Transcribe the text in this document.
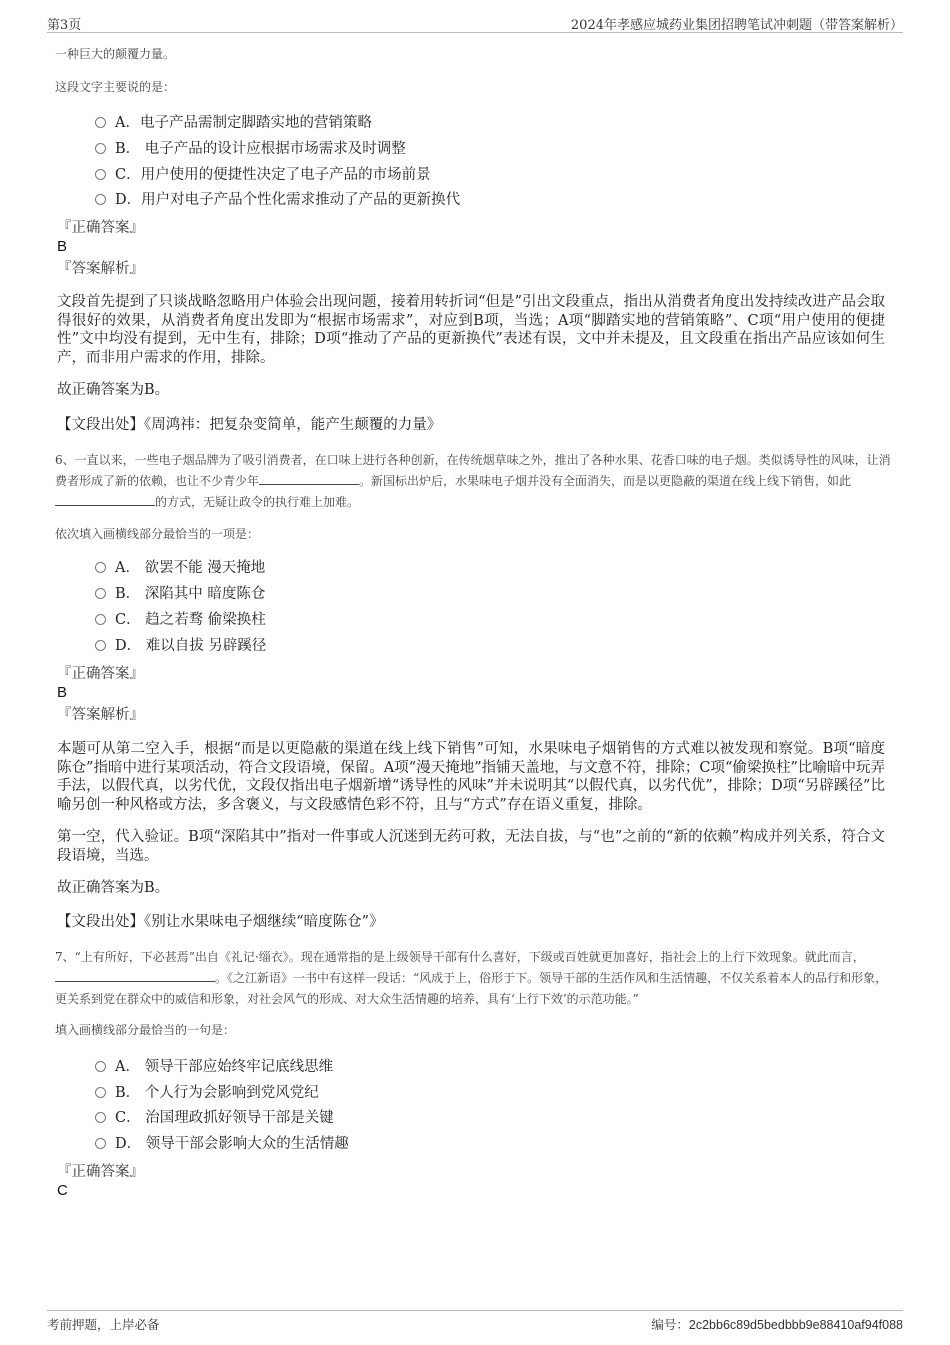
第3页	2024年孝感应城药业集团招聘笔试冲刺题（带答案解析）

一种巨大的颠覆力量。

这段文字主要说的是：

A．电子产品需制定脚踏实地的营销策略
B． 电子产品的设计应根据市场需求及时调整
C．用户使用的便捷性决定了电子产品的市场前景
D．用户对电子产品个性化需求推动了产品的更新换代
『正确答案』
B
『答案解析』

文段首先提到了只谈战略忽略用户体验会出现问题，接着用转折词“但是”引出文段重点，指出从消费者角度出发持续改进产品会取得很好的效果，从消费者角度出发即为“根据市场需求”，对应到B项，当选；A项“脚踏实地的营销策略”、C项“用户使用的便捷性”文中均没有提到，无中生有，排除；D项“推动了产品的更新换代”表述有误，文中并未提及，且文段重在指出产品应该如何生产，而非用户需求的作用，排除。

故正确答案为B。

【文段出处】《周鸿祎：把复杂变简单，能产生颠覆的力量》

6、一直以来，一些电子烟品牌为了吸引消费者，在口味上进行各种创新，在传统烟草味之外，推出了各种水果、花香口味的电子烟。类似诱导性的风味，让消费者形成了新的依赖，也让不少青少年	。新国标出炉后，水果味电子烟并没有全面消失，而是以更隐蔽的渠道在线上线下销售，如此的方式，无疑让政令的执行难上加难。

依次填入画横线部分最恰当的一项是：

A． 欲罢不能 漫天掩地
B． 深陷其中 暗度陈仓
C． 趋之若骛 偷梁换柱
D． 难以自拔 另辟蹊径
『正确答案』
B
『答案解析』

本题可从第二空入手，根据“而是以更隐蔽的渠道在线上线下销售”可知，水果味电子烟销售的方式难以被发现和察觉。B项“暗度陈仓”指暗中进行某项活动，符合文段语境，保留。A项“漫天掩地”指铺天盖地，与文意不符，排除；C项“偷梁换柱”比喻暗中玩弄手法，以假代真，以劣代优，文段仅指出电子烟新增“诱导性的风味”并未说明其“以假代真，以劣代优”，排除；D项“另辟蹊径”比喻另创一种风格或方法，多含褒义，与文段感情色彩不符，且与“方式”存在语义重复，排除。

第一空，代入验证。B项“深陷其中”指对一件事或人沉迷到无药可救，无法自拔，与“也”之前的“新的依赖”构成并列关系，符合文段语境，当选。

故正确答案为B。

【文段出处】《别让水果味电子烟继续“暗度陈仓”》

7、“上有所好，下必甚焉”出自《礼记·缁衣》。现在通常指的是上级领导干部有什么喜好，下级或百姓就更加喜好，指社会上的上行下效现象。就此而言，。《之江新语》一书中有这样一段话：“风成于上，俗形于下。领导干部的生活作风和生活情趣，不仅关系着本人的品行和形象，更关系到党在群众中的威信和形象，对社会风气的形成、对大众生活情趣的培养，具有‘上行下效’的示范功能。”

填入画横线部分最恰当的一句是：

A． 领导干部应始终牢记底线思维
B． 个人行为会影响到党风党纪
C． 治国理政抓好领导干部是关键
D． 领导干部会影响大众的生活情趣
『正确答案』
C
考前押题，上岸必备	编号：2c2bb6c89d5bedbbb9e88410af94f088
